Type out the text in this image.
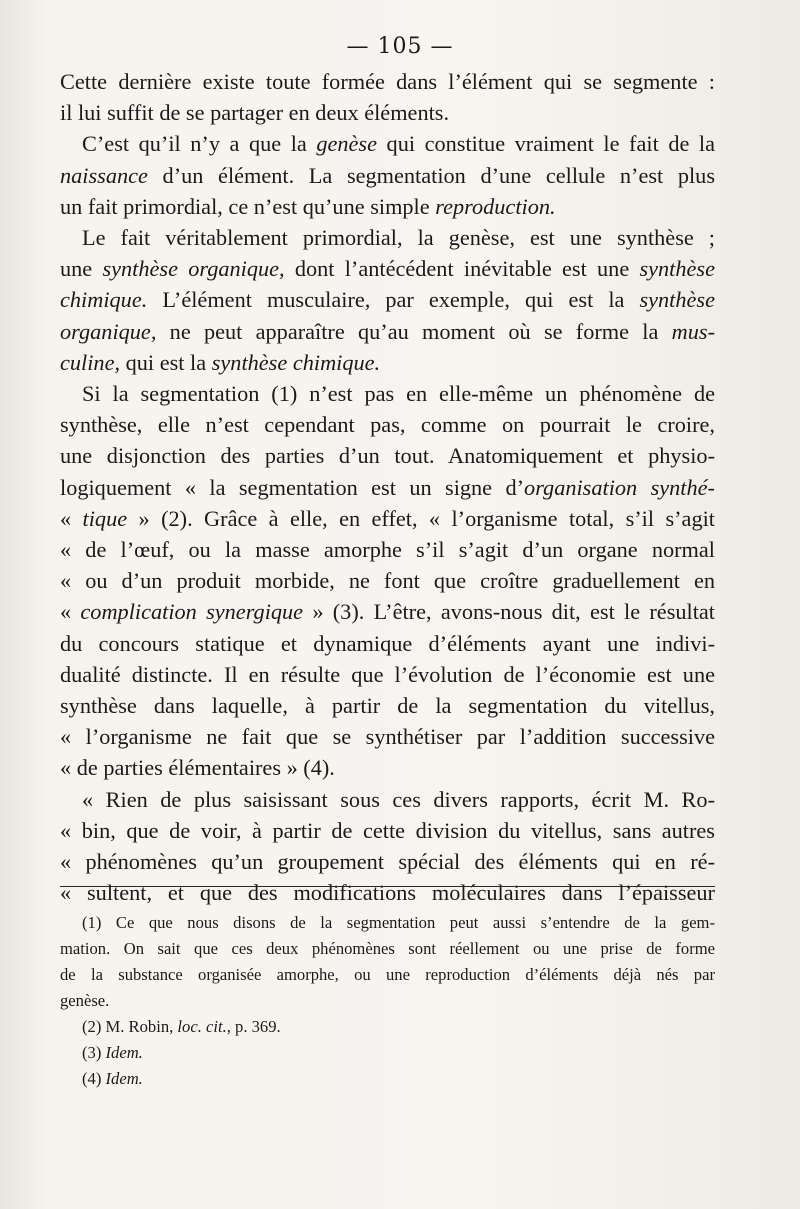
— 105 —
Cette dernière existe toute formée dans l’élément qui se segmente :
il lui suffit de se partager en deux éléments.
C’est qu’il n’y a que la genèse qui constitue vraiment le fait de la
naissance d’un élément. La segmentation d’une cellule n’est plus
un fait primordial, ce n’est qu’une simple reproduction.
Le fait véritablement primordial, la genèse, est une synthèse ;
une synthèse organique, dont l’antécédent inévitable est une synthèse
chimique. L’élément musculaire, par exemple, qui est la synthèse
organique, ne peut apparaître qu’au moment où se forme la mus-
culine, qui est la synthèse chimique.
Si la segmentation (1) n’est pas en elle-même un phénomène de
synthèse, elle n’est cependant pas, comme on pourrait le croire,
une disjonction des parties d’un tout. Anatomiquement et physio-
logiquement « la segmentation est un signe d’organisation synthé-
« tique » (2). Grâce à elle, en effet, « l’organisme total, s’il s’agit
« de l’œuf, ou la masse amorphe s’il s’agit d’un organe normal
« ou d’un produit morbide, ne font que croître graduellement en
« complication synergique » (3). L’être, avons-nous dit, est le résultat
du concours statique et dynamique d’éléments ayant une indivi-
dualité distincte. Il en résulte que l’évolution de l’économie est une
synthèse dans laquelle, à partir de la segmentation du vitellus,
« l’organisme ne fait que se synthétiser par l’addition successive
« de parties élémentaires » (4).
« Rien de plus saisissant sous ces divers rapports, écrit M. Ro-
« bin, que de voir, à partir de cette division du vitellus, sans autres
« phénomènes qu’un groupement spécial des éléments qui en ré-
« sultent, et que des modifications moléculaires dans l’épaisseur
(1) Ce que nous disons de la segmentation peut aussi s’entendre de la gem-
mation. On sait que ces deux phénomènes sont réellement ou une prise de forme
de la substance organisée amorphe, ou une reproduction d’éléments déjà nés par
genèse.
(2) M. Robin, loc. cit., p. 369.
(3) Idem.
(4) Idem.
